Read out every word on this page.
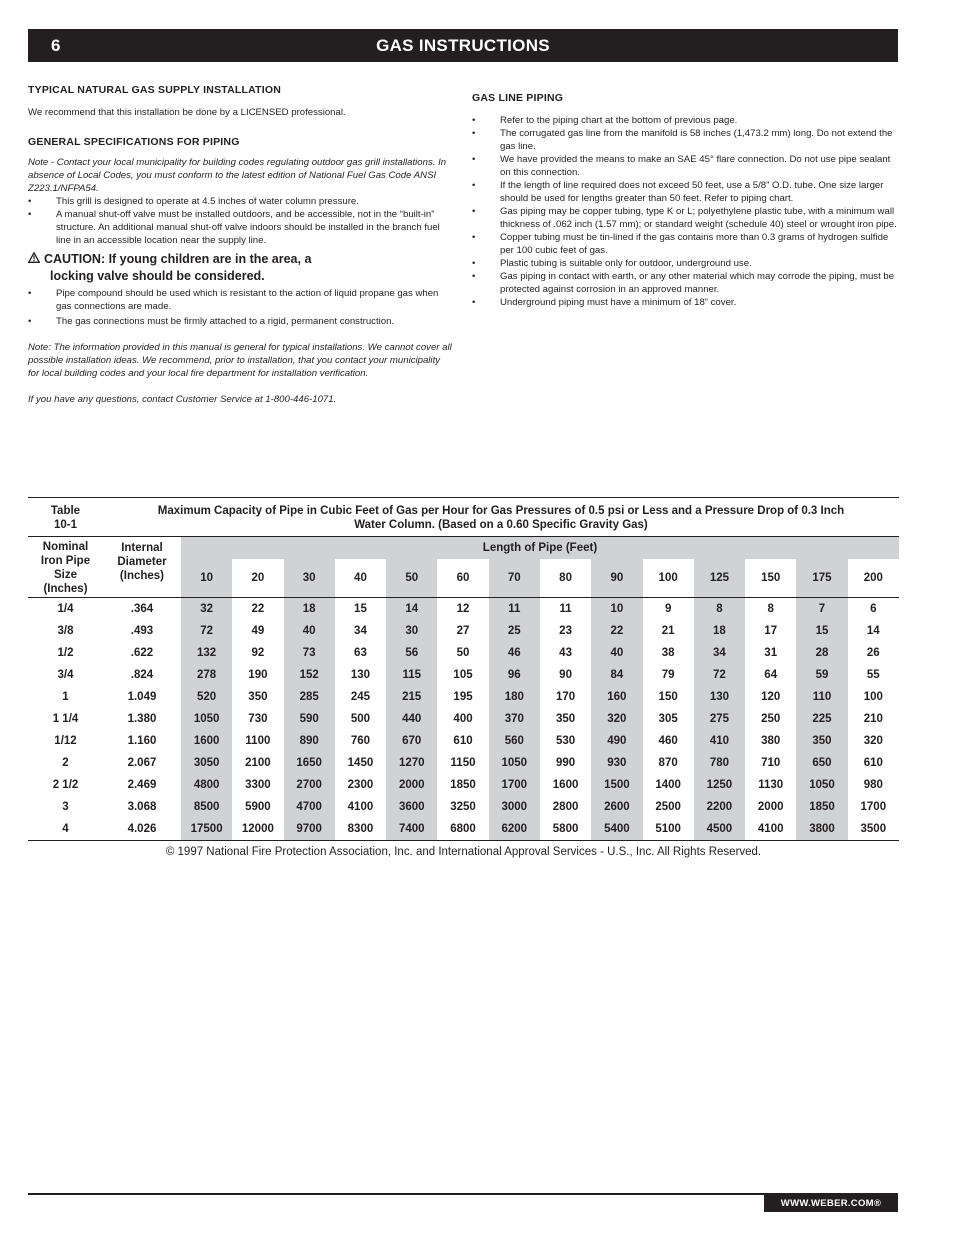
6	GAS INSTRUCTIONS
TYPICAL NATURAL GAS SUPPLY INSTALLATION

We recommend that this installation be done by a LICENSED professional.

GENERAL SPECIFICATIONS FOR PIPING

Note - Contact your local municipality for building codes regulating outdoor gas grill installations. In absence of Local Codes, you must conform to the latest edition of National Fuel Gas Code ANSI Z223.1/NFPA54.

• This grill is designed to operate at 4.5 inches of water column pressure.
• A manual shut-off valve must be installed outdoors, and be accessible, not in the “built-in” structure. An additional manual shut-off valve indoors should be installed in the branch fuel line in an accessible location near the supply line.
CAUTION: If young children are in the area, a
locking valve should be considered.
• Pipe compound should be used which is resistant to the action of liquid propane gas when gas connections are made.
• The gas connections must be firmly attached to a rigid, permanent construction.

Note: The information provided in this manual is general for typical installations. We cannot cover all possible installation ideas. We recommend, prior to installation, that you contact your municipality for local building codes and your local fire department for installation verification.

If you have any questions, contact Customer Service at 1-800-446-1071.

GAS LINE PIPING
• Refer to the piping chart at the bottom of previous page.
• The corrugated gas line from the manifold is 58 inches (1,473.2 mm) long. Do not extend the gas line.
• We have provided the means to make an SAE 45° flare connection. Do not use pipe sealant on this connection.
• If the length of line required does not exceed 50 feet, use a 5/8” O.D. tube. One size larger should be used for lengths greater than 50 feet. Refer to piping chart.
• Gas piping may be copper tubing, type K or L; polyethylene plastic tube, with a minimum wall thickness of .062 inch (1.57 mm); or standard weight (schedule 40) steel or wrought iron pipe.
• Copper tubing must be tin-lined if the gas contains more than 0.3 grams of hydrogen sulfide per 100 cubic feet of gas.
• Plastic tubing is suitable only for outdoor, underground use.
• Gas piping in contact with earth, or any other material which may corrode the piping, must be protected against corrosion in an approved manner.
• Underground piping must have a minimum of 18” cover.
Table
10-1	Maximum Capacity of Pipe in Cubic Feet of Gas per Hour for Gas Pressures of 0.5 psi or Less and a Pressure Drop of 0.3 Inch
Water Column. (Based on a 0.60 Specific Gravity Gas)														
Nominal
Iron Pipe
Size
(Inches)	Internal
Diameter
(Inches)	Length of Pipe (Feet)													
		10	20	30	40	50	60	70	80	90	100	125	150	175	200
1/4	.364	32	22	18	15	14	12	11	11	10	9	8	8	7	6
3/8	.493	72	49	40	34	30	27	25	23	22	21	18	17	15	14
1/2	.622	132	92	73	63	56	50	46	43	40	38	34	31	28	26
3/4	.824	278	190	152	130	115	105	96	90	84	79	72	64	59	55
1	1.049	520	350	285	245	215	195	180	170	160	150	130	120	110	100
1 1/4	1.380	1050	730	590	500	440	400	370	350	320	305	275	250	225	210
1/12	1.160	1600	1100	890	760	670	610	560	530	490	460	410	380	350	320
2	2.067	3050	2100	1650	1450	1270	1150	1050	990	930	870	780	710	650	610
2 1/2	2.469	4800	3300	2700	2300	2000	1850	1700	1600	1500	1400	1250	1130	1050	980
3	3.068	8500	5900	4700	4100	3600	3250	3000	2800	2600	2500	2200	2000	1850	1700
4	4.026	17500	12000	9700	8300	7400	6800	6200	5800	5400	5100	4500	4100	3800	3500
© 1997 National Fire Protection Association, Inc. and International Approval Services - U.S., Inc. All Rights Reserved.
WWW.WEBER.COM®
